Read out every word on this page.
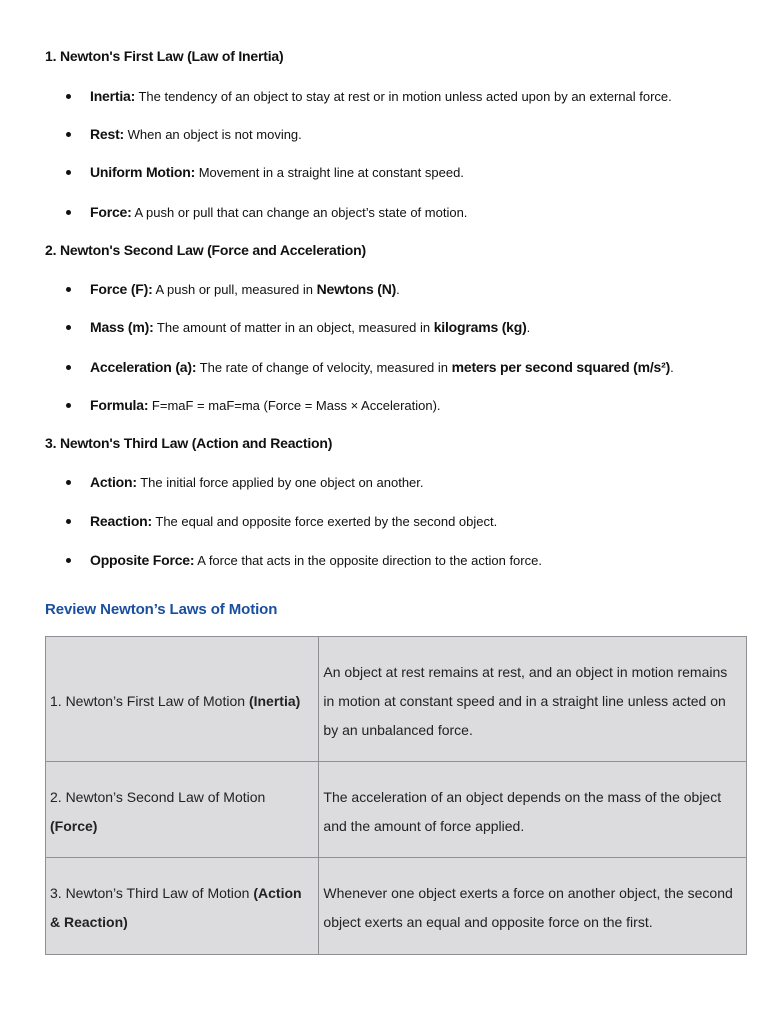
1. Newton's First Law (Law of Inertia)
Inertia: The tendency of an object to stay at rest or in motion unless acted upon by an external force.
Rest: When an object is not moving.
Uniform Motion: Movement in a straight line at constant speed.
Force: A push or pull that can change an object’s state of motion.
2. Newton's Second Law (Force and Acceleration)
Force (F): A push or pull, measured in Newtons (N).
Mass (m): The amount of matter in an object, measured in kilograms (kg).
Acceleration (a): The rate of change of velocity, measured in meters per second squared (m/s²).
Formula: F=maF = maF=ma (Force = Mass × Acceleration).
3. Newton's Third Law (Action and Reaction)
Action: The initial force applied by one object on another.
Reaction: The equal and opposite force exerted by the second object.
Opposite Force: A force that acts in the opposite direction to the action force.
Review Newton’s Laws of Motion
1. Newton’s First Law of Motion (Inertia)	An object at rest remains at rest, and an object in motion remains in motion at constant speed and in a straight line unless acted on by an unbalanced force.
2. Newton’s Second Law of Motion (Force)	The acceleration of an object depends on the mass of the object and the amount of force applied.
3. Newton’s Third Law of Motion (Action & Reaction)	Whenever one object exerts a force on another object, the second object exerts an equal and opposite force on the first.
